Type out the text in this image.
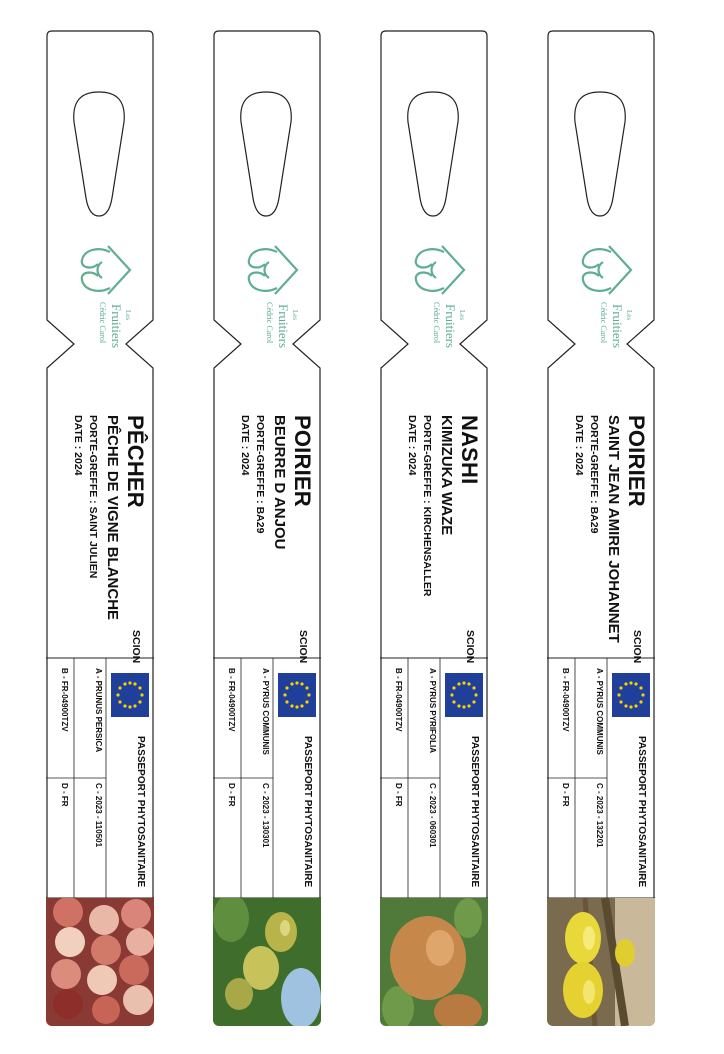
Les
Fruitiers
Cédric Carol
POIRIER
SAINT JEAN AMIRE JOHANNET
PORTE-GREFFE : BA29
DATE : 2024
SCION
PASSEPORT PHYTOSANITAIRE
A - PYRUS COMMUNIS
C - 2023 - 132201
B - FR-04900TZV
D - FR
Les
Fruitiers
Cédric Carol
NASHI
KIMIZUKA WAZE
PORTE-GREFFE : KIRCHENSALLER
DATE : 2024
SCION
PASSEPORT PHYTOSANITAIRE
A - PYRUS PYRIFOLIA
C - 2023 - 060301
B - FR-04900TZV
D - FR
Les
Fruitiers
Cédric Carol
POIRIER
BEURRE D ANJOU
PORTE-GREFFE : BA29
DATE : 2024
SCION
PASSEPORT PHYTOSANITAIRE
A - PYRUS COMMUNIS
C - 2023 - 130301
B - FR-04900TZV
D - FR
Les
Fruitiers
Cédric Carol
PÊCHER
PÊCHE DE VIGNE BLANCHE
PORTE-GREFFE : SAINT JULIEN
DATE : 2024
SCION
PASSEPORT PHYTOSANITAIRE
A - PRUNUS PERSICA
C - 2023 - 110501
B - FR-04900TZV
D - FR
